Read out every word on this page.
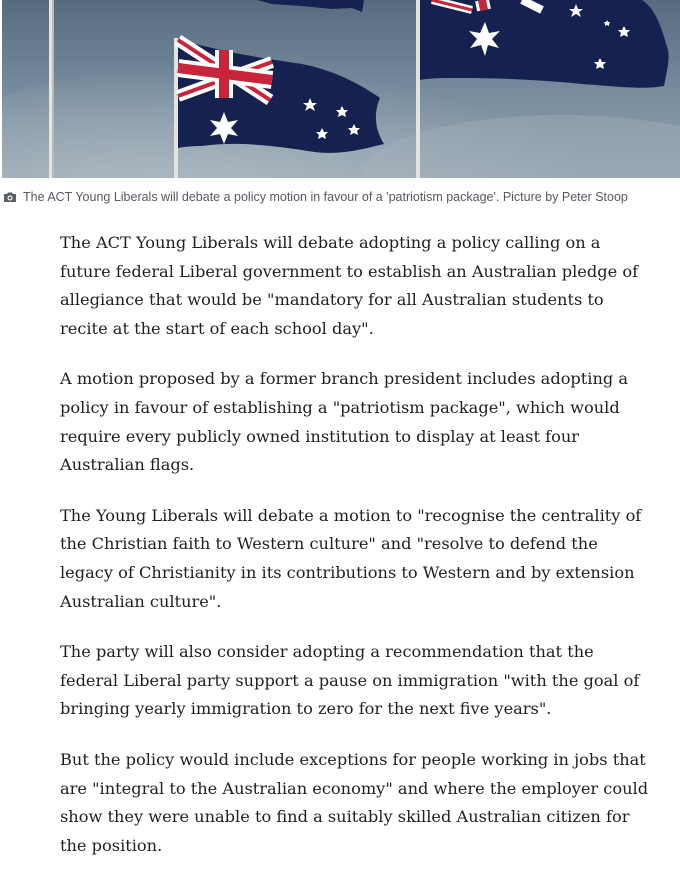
The ACT Young Liberals will debate a policy motion in favour of a 'patriotism package'. Picture by Peter Stoop

The ACT Young Liberals will debate adopting a policy calling on a future federal Liberal government to establish an Australian pledge of allegiance that would be "mandatory for all Australian students to recite at the start of each school day".

A motion proposed by a former branch president includes adopting a policy in favour of establishing a "patriotism package", which would require every publicly owned institution to display at least four Australian flags.

The Young Liberals will debate a motion to "recognise the centrality of the Christian faith to Western culture" and "resolve to defend the legacy of Christianity in its contributions to Western and by extension Australian culture".

The party will also consider adopting a recommendation that the federal Liberal party support a pause on immigration "with the goal of bringing yearly immigration to zero for the next five years".

But the policy would include exceptions for people working in jobs that are "integral to the Australian economy" and where the employer could show they were unable to find a suitably skilled Australian citizen for the position.
